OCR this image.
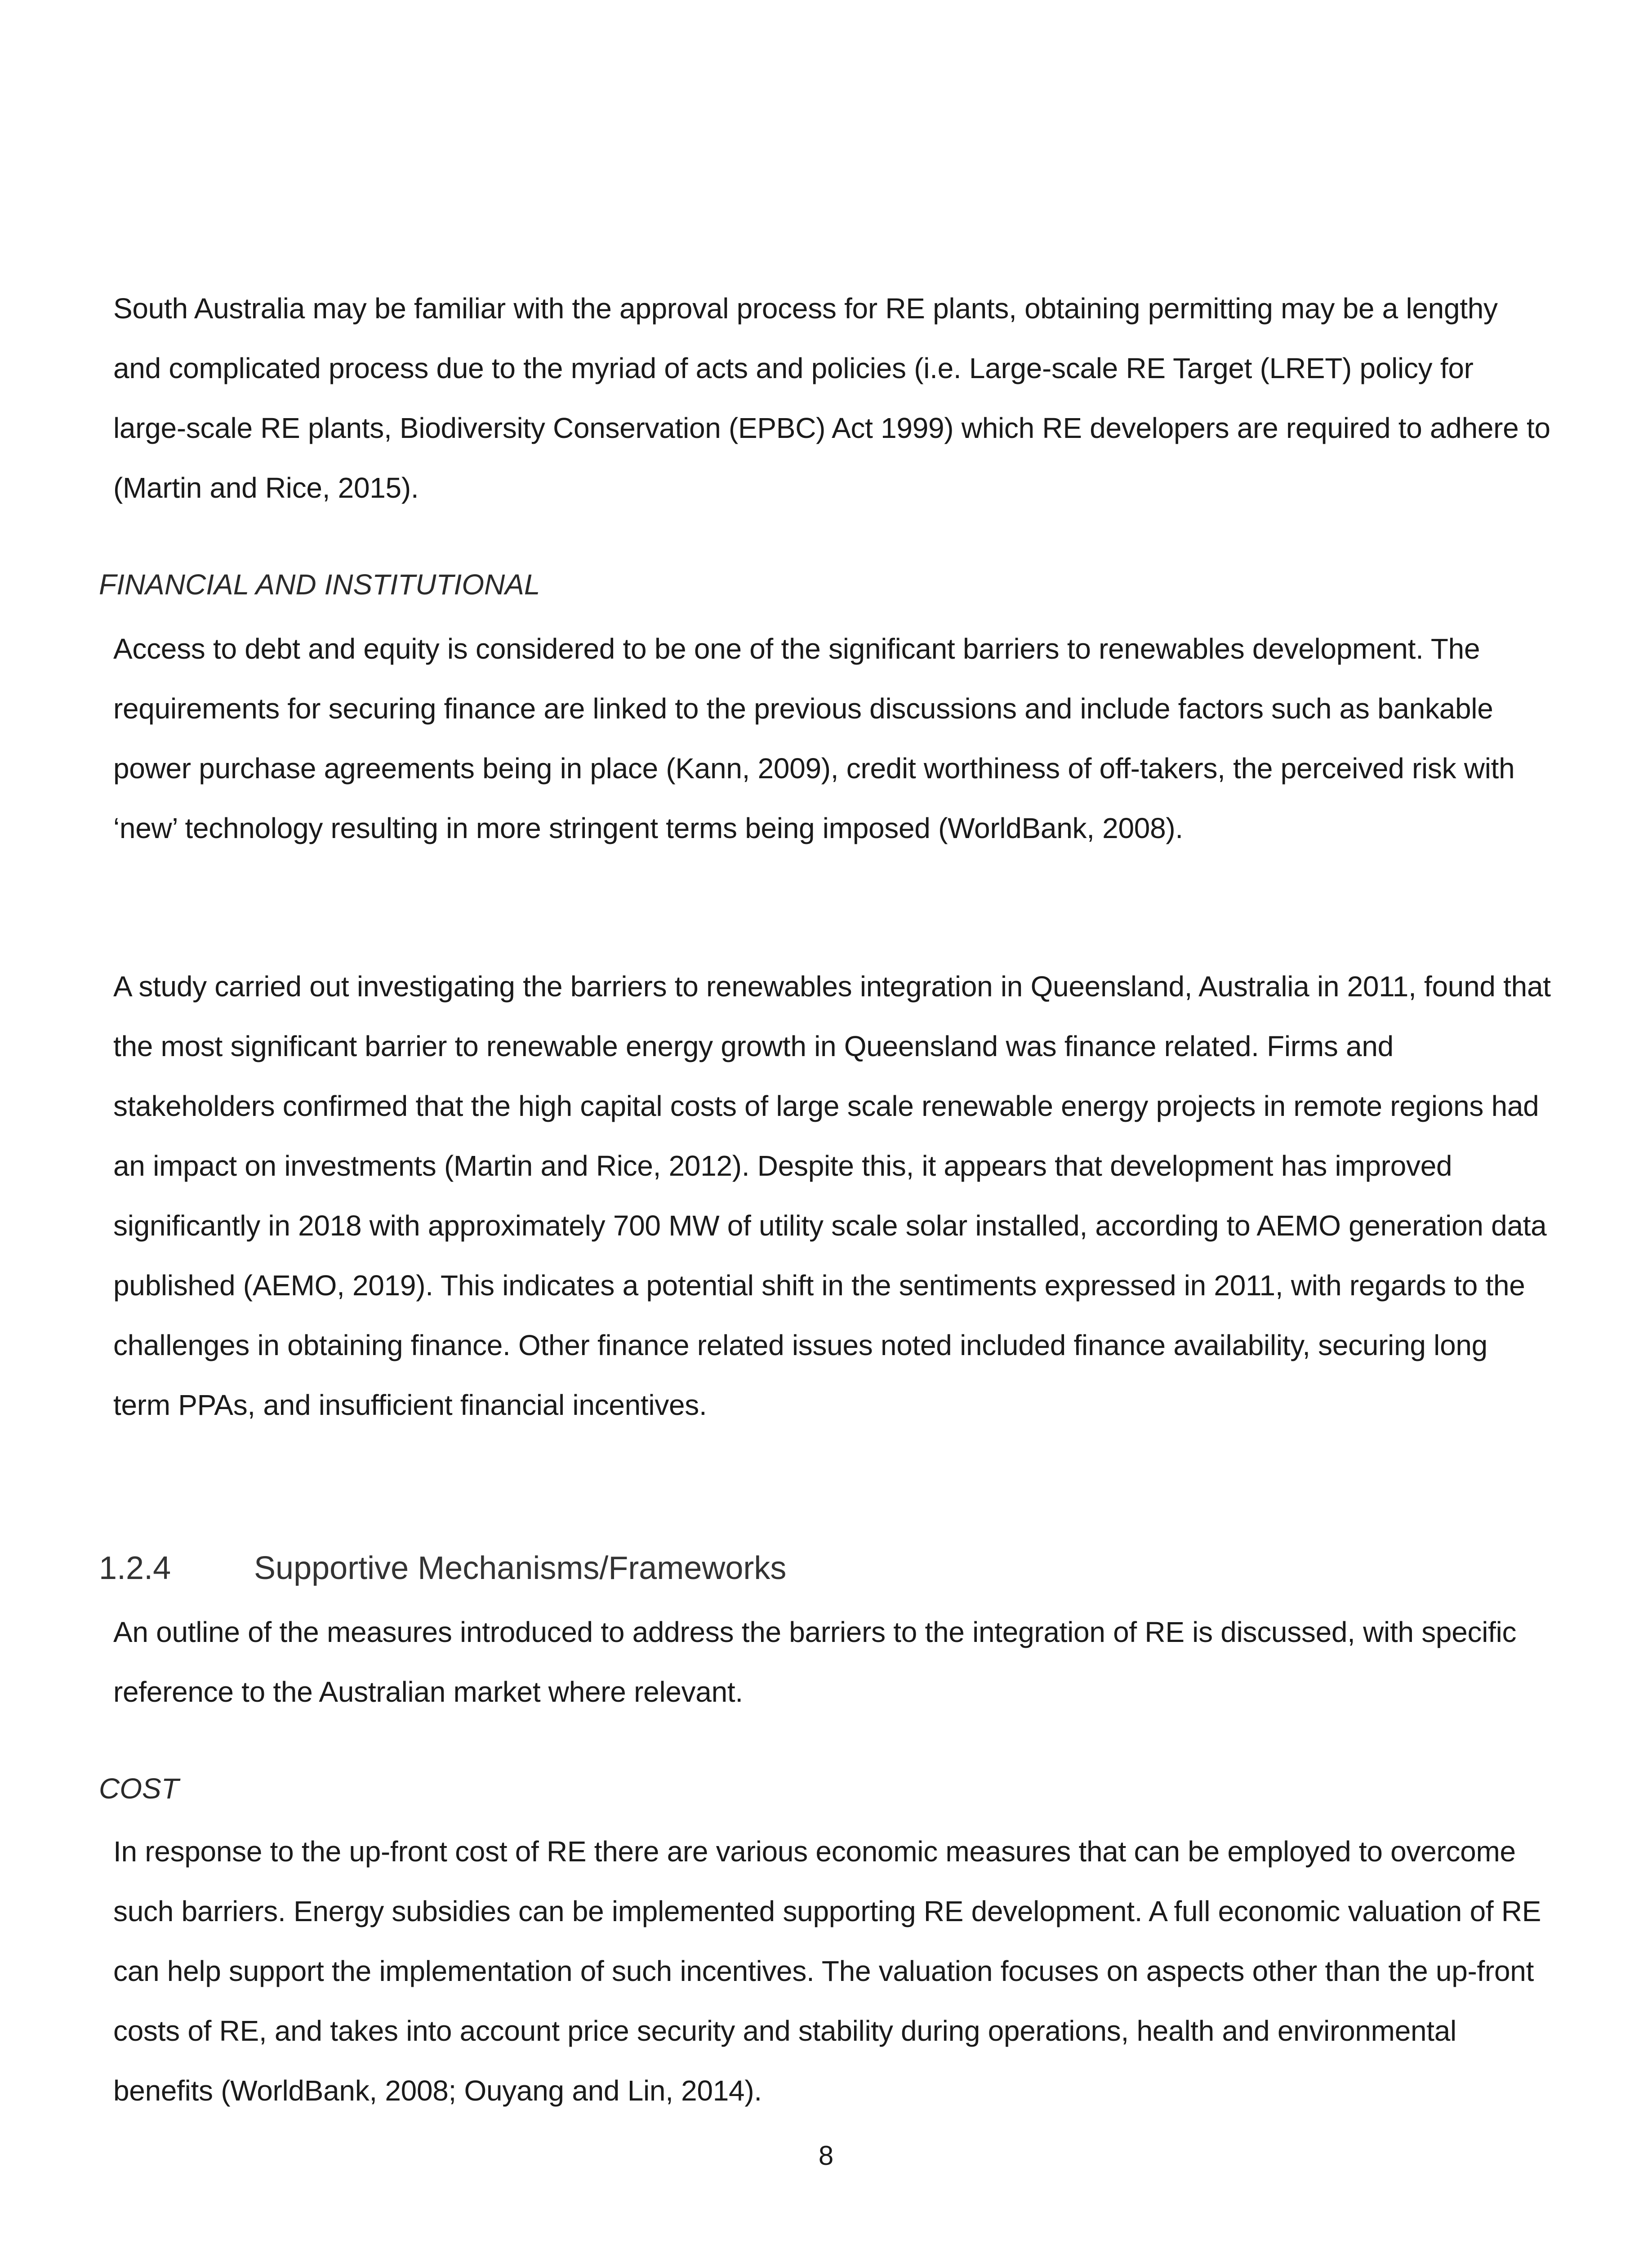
South Australia may be familiar with the approval process for RE plants, obtaining permitting may be a lengthy and complicated process due to the myriad of acts and policies (i.e. Large-scale RE Target (LRET) policy for large-scale RE plants, Biodiversity Conservation (EPBC) Act 1999) which RE developers are required to adhere to (Martin and Rice, 2015).

FINANCIAL AND INSTITUTIONAL

Access to debt and equity is considered to be one of the significant barriers to renewables development. The requirements for securing finance are linked to the previous discussions and include factors such as bankable power purchase agreements being in place (Kann, 2009), credit worthiness of off-takers, the perceived risk with ‘new’ technology resulting in more stringent terms being imposed (WorldBank, 2008).

A study carried out investigating the barriers to renewables integration in Queensland, Australia in 2011, found that the most significant barrier to renewable energy growth in Queensland was finance related. Firms and stakeholders confirmed that the high capital costs of large scale renewable energy projects in remote regions had an impact on investments (Martin and Rice, 2012). Despite this, it appears that development has improved significantly in 2018 with approximately 700 MW of utility scale solar installed, according to AEMO generation data published (AEMO, 2019). This indicates a potential shift in the sentiments expressed in 2011, with regards to the challenges in obtaining finance. Other finance related issues noted included finance availability, securing long term PPAs, and insufficient financial incentives.

1.2.4	Supportive Mechanisms/Frameworks

An outline of the measures introduced to address the barriers to the integration of RE is discussed, with specific reference to the Australian market where relevant.

COST

In response to the up-front cost of RE there are various economic measures that can be employed to overcome such barriers. Energy subsidies can be implemented supporting RE development. A full economic valuation of RE can help support the implementation of such incentives. The valuation focuses on aspects other than the up-front costs of RE, and takes into account price security and stability during operations, health and environmental benefits (WorldBank, 2008; Ouyang and Lin, 2014).

8
